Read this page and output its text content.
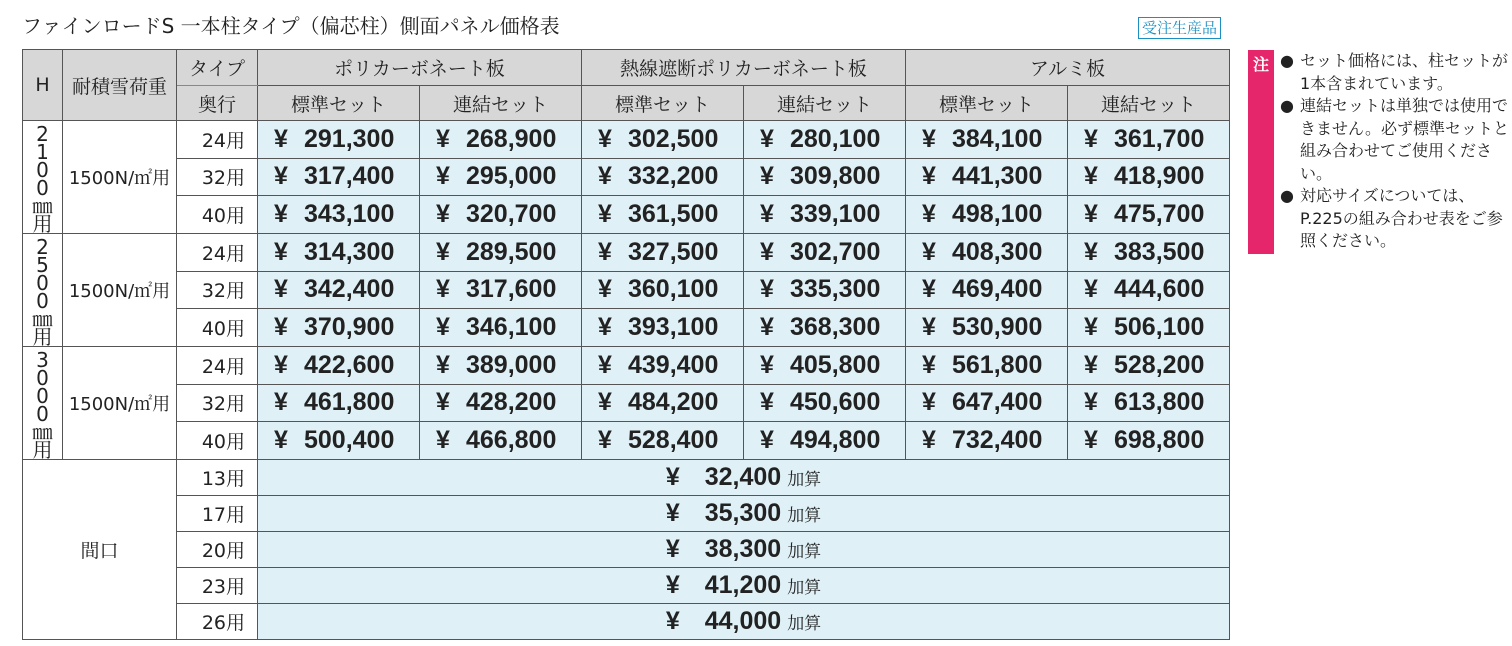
ファインロードS 一本柱タイプ（偏芯柱）側面パネル価格表	受注生産品
H	耐積雪荷重	タイプ	ポリカーボネート板		熱線遮断ポリカーボネート板		アルミ板	
		奥行	標準セット	連結セット	標準セット	連結セット	標準セット	連結セット

2100㎜用	1500N/㎡用	24用	¥ 291,300	¥ 268,900	¥ 302,500	¥ 280,100	¥ 384,100	¥ 361,700
		32用	¥ 317,400	¥ 295,000	¥ 332,200	¥ 309,800	¥ 441,300	¥ 418,900
		40用	¥ 343,100	¥ 320,700	¥ 361,500	¥ 339,100	¥ 498,100	¥ 475,700

2500㎜用	1500N/㎡用	24用	¥ 314,300	¥ 289,500	¥ 327,500	¥ 302,700	¥ 408,300	¥ 383,500
		32用	¥ 342,400	¥ 317,600	¥ 360,100	¥ 335,300	¥ 469,400	¥ 444,600
		40用	¥ 370,900	¥ 346,100	¥ 393,100	¥ 368,300	¥ 530,900	¥ 506,100

3000㎜用	1500N/㎡用	24用	¥ 422,600	¥ 389,000	¥ 439,400	¥ 405,800	¥ 561,800	¥ 528,200
		32用	¥ 461,800	¥ 428,200	¥ 484,200	¥ 450,600	¥ 647,400	¥ 613,800
		40用	¥ 500,400	¥ 466,800	¥ 528,400	¥ 494,800	¥ 732,400	¥ 698,800
間口		13用	¥  32,400 加算					
		17用	¥  35,300 加算					
		20用	¥  38,300 加算					
		23用	¥  41,200 加算					
		26用	¥  44,000 加算					
注 ● セット価格には、柱セットが1本含まれています。
● 連結セットは単独では使用できません。必ず標準セットと組み合わせてご使用ください。
● 対応サイズについては、P.225の組み合わせ表をご参照ください。
